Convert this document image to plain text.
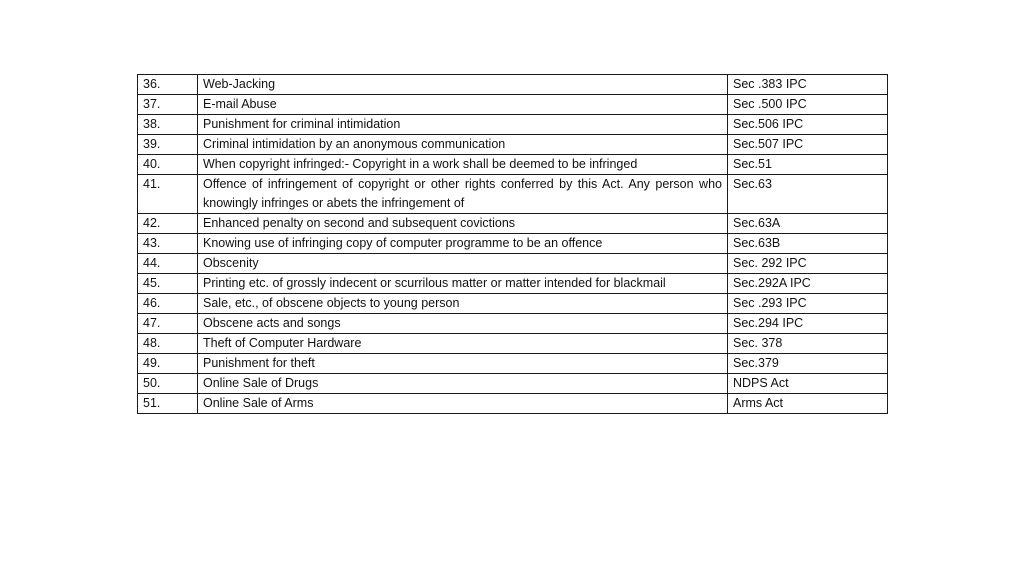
36.	Web-Jacking	Sec .383 IPC
37.	E-mail Abuse	Sec .500 IPC
38.	Punishment for criminal intimidation	Sec.506 IPC
39.	Criminal intimidation by an anonymous communication	Sec.507 IPC
40.	When copyright infringed:- Copyright in a work shall be deemed to be infringed	Sec.51
41.	Offence of infringement of copyright or other rights conferred by this Act. Any person who knowingly infringes or abets the infringement of	Sec.63
42.	Enhanced penalty on second and subsequent covictions	Sec.63A
43.	Knowing use of infringing copy of computer programme to be an offence	Sec.63B
44.	Obscenity	Sec. 292 IPC
45.	Printing etc. of grossly indecent or scurrilous matter or matter intended for blackmail	Sec.292A IPC
46.	Sale, etc., of obscene objects to young person	Sec .293 IPC
47.	Obscene acts and songs	Sec.294 IPC
48.	Theft of Computer Hardware	Sec. 378
49.	Punishment for theft	Sec.379
50.	Online Sale of Drugs	NDPS Act
51.	Online Sale of Arms	Arms Act
